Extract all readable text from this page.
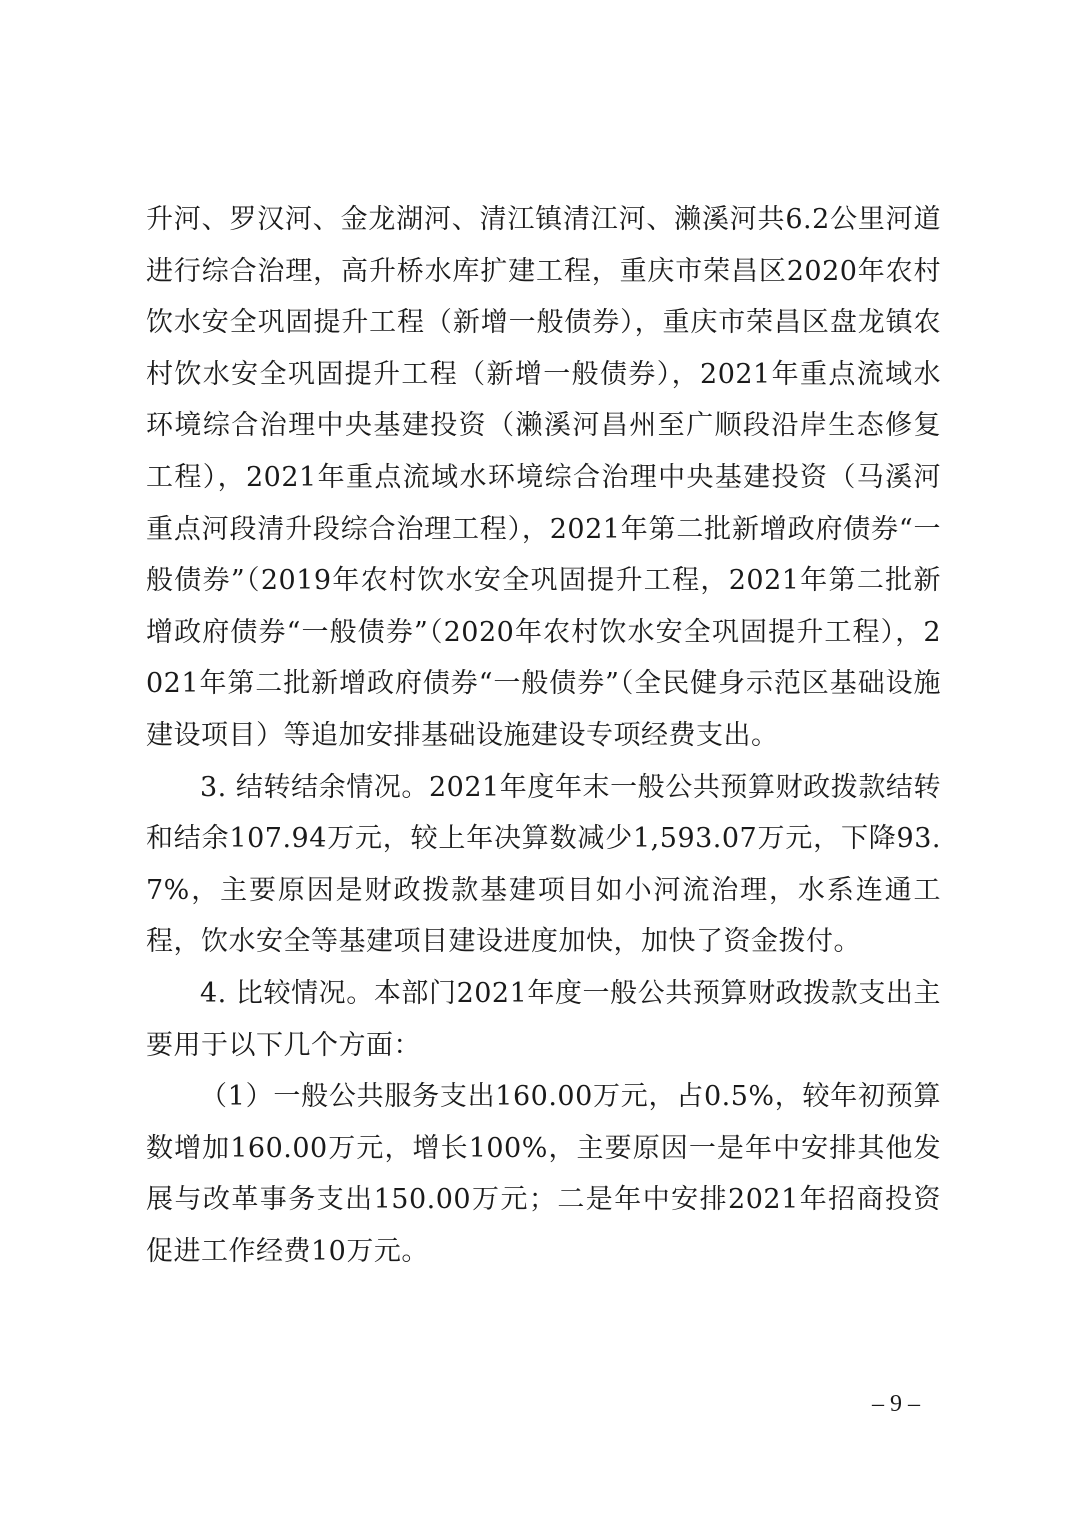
升河、罗汉河、金龙湖河、清江镇清江河、濑溪河共6.2公里河道进行综合治理，高升桥水库扩建工程，重庆市荣昌区2020年农村饮水安全巩固提升工程（新增一般债券），重庆市荣昌区盘龙镇农村饮水安全巩固提升工程（新增一般债券），2021年重点流域水环境综合治理中央基建投资（濑溪河昌州至广顺段沿岸生态修复工程），2021年重点流域水环境综合治理中央基建投资（马溪河重点河段清升段综合治理工程），2021年第二批新增政府债券“一般债券”（2019年农村饮水安全巩固提升工程，2021年第二批新增政府债券“一般债券”（2020年农村饮水安全巩固提升工程），2021年第二批新增政府债券“一般债券”（全民健身示范区基础设施建设项目）等追加安排基础设施建设专项经费支出。

3. 结转结余情况。2021年度年末一般公共预算财政拨款结转和结余107.94万元，较上年决算数减少1,593.07万元，下降93.7%，主要原因是财政拨款基建项目如小河流治理，水系连通工程，饮水安全等基建项目建设进度加快，加快了资金拨付。

4. 比较情况。本部门2021年度一般公共预算财政拨款支出主要用于以下几个方面：

（1）一般公共服务支出160.00万元，占0.5%，较年初预算数增加160.00万元，增长100%，主要原因一是年中安排其他发展与改革事务支出150.00万元；二是年中安排2021年招商投资促进工作经费10万元。

– 9 –
